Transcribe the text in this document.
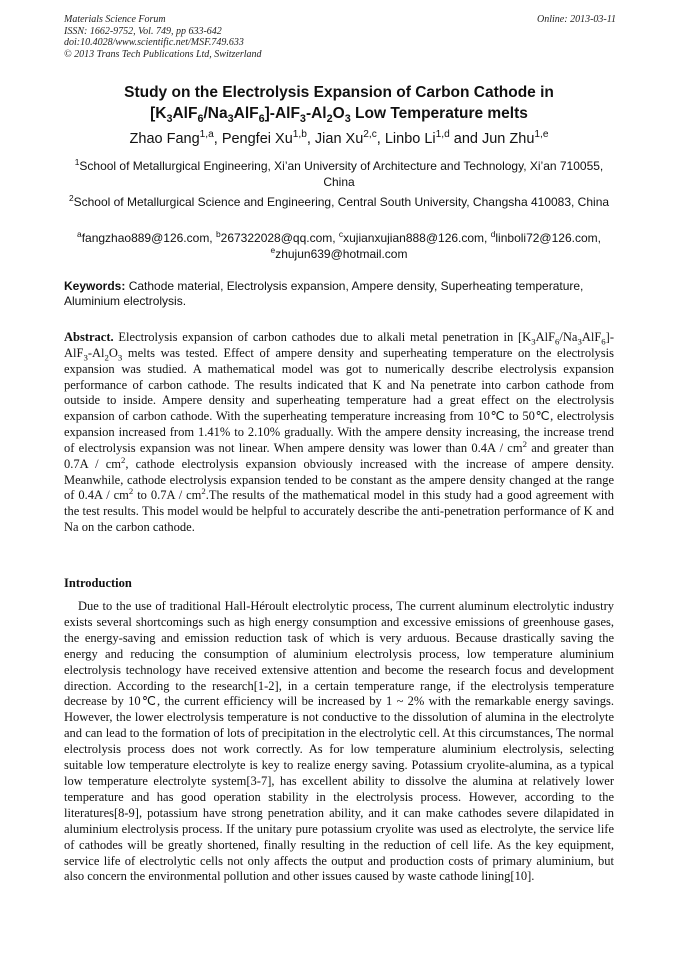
Materials Science Forum
ISSN: 1662-9752, Vol. 749, pp 633-642
doi:10.4028/www.scientific.net/MSF.749.633
© 2013 Trans Tech Publications Ltd, Switzerland
Online: 2013-03-11
Study on the Electrolysis Expansion of Carbon Cathode in
$[K_3AlF_6/Na_3AlF_6]-AlF_3-Al_2O_3$ Low Temperature melts
Zhao Fang$^{1,a}$, Pengfei Xu$^{1,b}$, Jian Xu$^{2,c}$, Linbo Li$^{1,d}$ and Jun Zhu$^{1,e}$
$^1$School of Metallurgical Engineering, Xi’an University of Architecture and Technology, Xi’an 710055, China
$^2$School of Metallurgical Science and Engineering, Central South University, Changsha 410083, China
$^a$fangzhao889@126.com, $^b$267322028@qq.com, $^c$xujianxujian888@126.com, $^d$linboli72@126.com,
$^e$zhujun639@hotmail.com
Keywords: Cathode material, Electrolysis expansion, Ampere density, Superheating temperature, Aluminium electrolysis.
Abstract. Electrolysis expansion of carbon cathodes due to alkali metal penetration in $[K_3AlF_6/Na_3AlF_6]-AlF_3-Al_2O_3$ melts was tested. Effect of ampere density and superheating temperature on the electrolysis expansion was studied. A mathematical model was got to numerically describe electrolysis expansion performance of carbon cathode. The results indicated that K and Na penetrate into carbon cathode from outside to inside. Ampere density and superheating temperature had a great effect on the electrolysis expansion of carbon cathode. With the superheating temperature increasing from 10℃ to 50℃, electrolysis expansion increased from 1.41% to 2.10% gradually. With the ampere density increasing, the increase trend of electrolysis expansion was not linear. When ampere density was lower than $0.4A / cm^2$ and greater than $0.7A / cm^2$, cathode electrolysis expansion obviously increased with the increase of ampere density. Meanwhile, cathode electrolysis expansion tended to be constant as the ampere density changed at the range of $0.4A / cm^2$ to $0.7A / cm^2.The$ results of the mathematical model in this study had a good agreement with the test results. This model would be helpful to accurately describe the anti-penetration performance of K and Na on the carbon cathode.
Introduction
Due to the use of traditional Hall-Héroult electrolytic process, The current aluminum electrolytic industry exists several shortcomings such as high energy consumption and excessive emissions of greenhouse gases, the energy-saving and emission reduction task of which is very arduous. Because drastically saving the energy and reducing the consumption of aluminium electrolysis process, low temperature aluminium electrolysis technology have received extensive attention and become the research focus and development direction. According to the research[1-2], in a certain temperature range, if the electrolysis temperature decrease by 10℃, the current efficiency will be increased by 1 ~ 2% with the remarkable energy savings. However, the lower electrolysis temperature is not conductive to the dissolution of alumina in the electrolyte and can lead to the formation of lots of precipitation in the electrolytic cell. At this circumstances, The normal electrolysis process does not work correctly. As for low temperature aluminium electrolysis, selecting suitable low temperature electrolyte is key to realize energy saving. Potassium cryolite-alumina, as a typical low temperature electrolyte system[3-7], has excellent ability to dissolve the alumina at relatively lower temperature and has good operation stability in the electrolysis process. However, according to the literatures[8-9], potassium have strong penetration ability, and it can make cathodes severe dilapidated in aluminium electrolysis process. If the unitary pure potassium cryolite was used as electrolyte, the service life of cathodes will be greatly shortened, finally resulting in the reduction of cell life. As the key equipment, service life of electrolytic cells not only affects the output and production costs of primary aluminium, but also concern the environmental pollution and other issues caused by waste cathode lining[10].
